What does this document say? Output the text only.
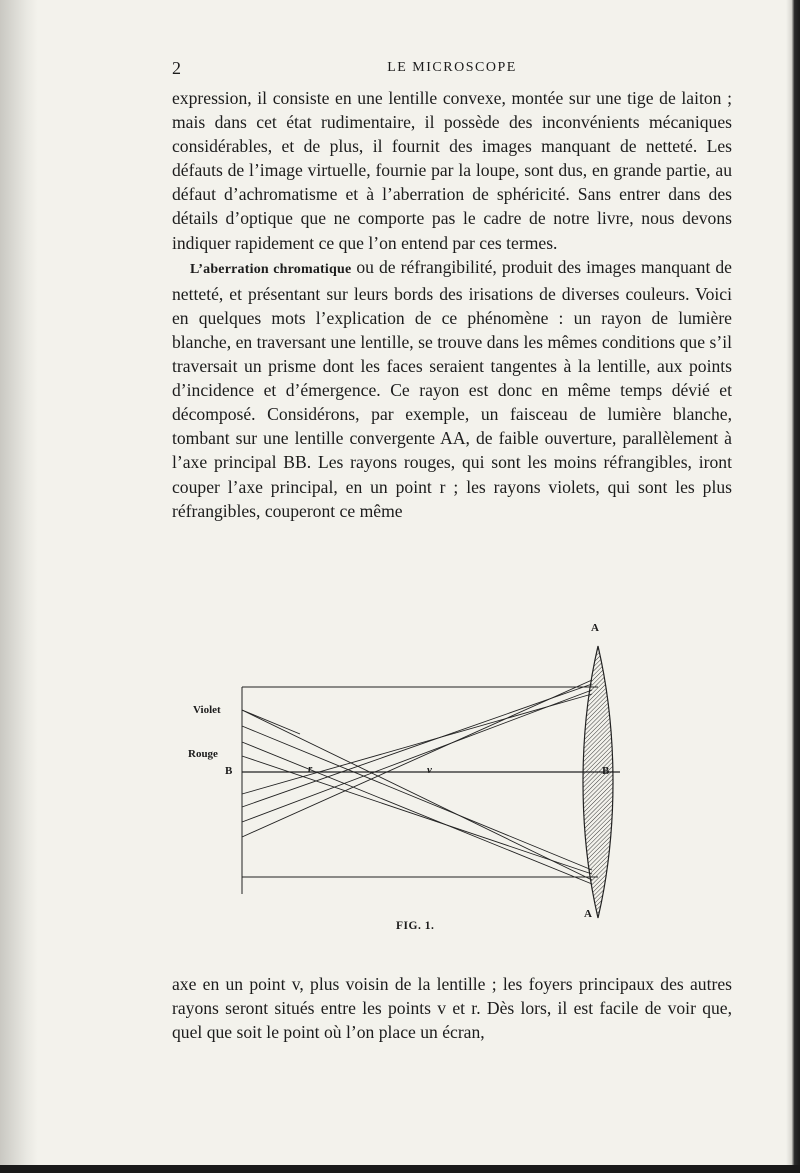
2	LE MICROSCOPE

expression, il consiste en une lentille convexe, montée sur une tige de laiton ; mais dans cet état rudimentaire, il possède des inconvénients mécaniques considérables, et de plus, il fournit des images manquant de netteté. Les défauts de l’image virtuelle, fournie par la loupe, sont dus, en grande partie, au défaut d’achromatisme et à l’aberration de sphéricité. Sans entrer dans des détails d’optique que ne comporte pas le cadre de notre livre, nous devons indiquer rapidement ce que l’on entend par ces termes.

L’aberration chromatique ou de réfrangibilité, produit des images manquant de netteté, et présentant sur leurs bords des irisations de diverses couleurs. Voici en quelques mots l’explication de ce phénomène : un rayon de lumière blanche, en traversant une lentille, se trouve dans les mêmes conditions que s’il traversait un prisme dont les faces seraient tangentes à la lentille, aux points d’incidence et d’émergence. Ce rayon est donc en même temps dévié et décomposé. Considérons, par exemple, un faisceau de lumière blanche, tombant sur une lentille convergente AA, de faible ouverture, parallèlement à l’axe principal BB. Les rayons rouges, qui sont les moins réfrangibles, iront couper l’axe principal, en un point r ; les rayons violets, qui sont les plus réfrangibles, couperont ce même

A
Violet
Rouge
B	r	v	B
A
FIG. 1.

axe en un point v, plus voisin de la lentille ; les foyers principaux des autres rayons seront situés entre les points v et r. Dès lors, il est facile de voir que, quel que soit le point où l’on place un écran,
